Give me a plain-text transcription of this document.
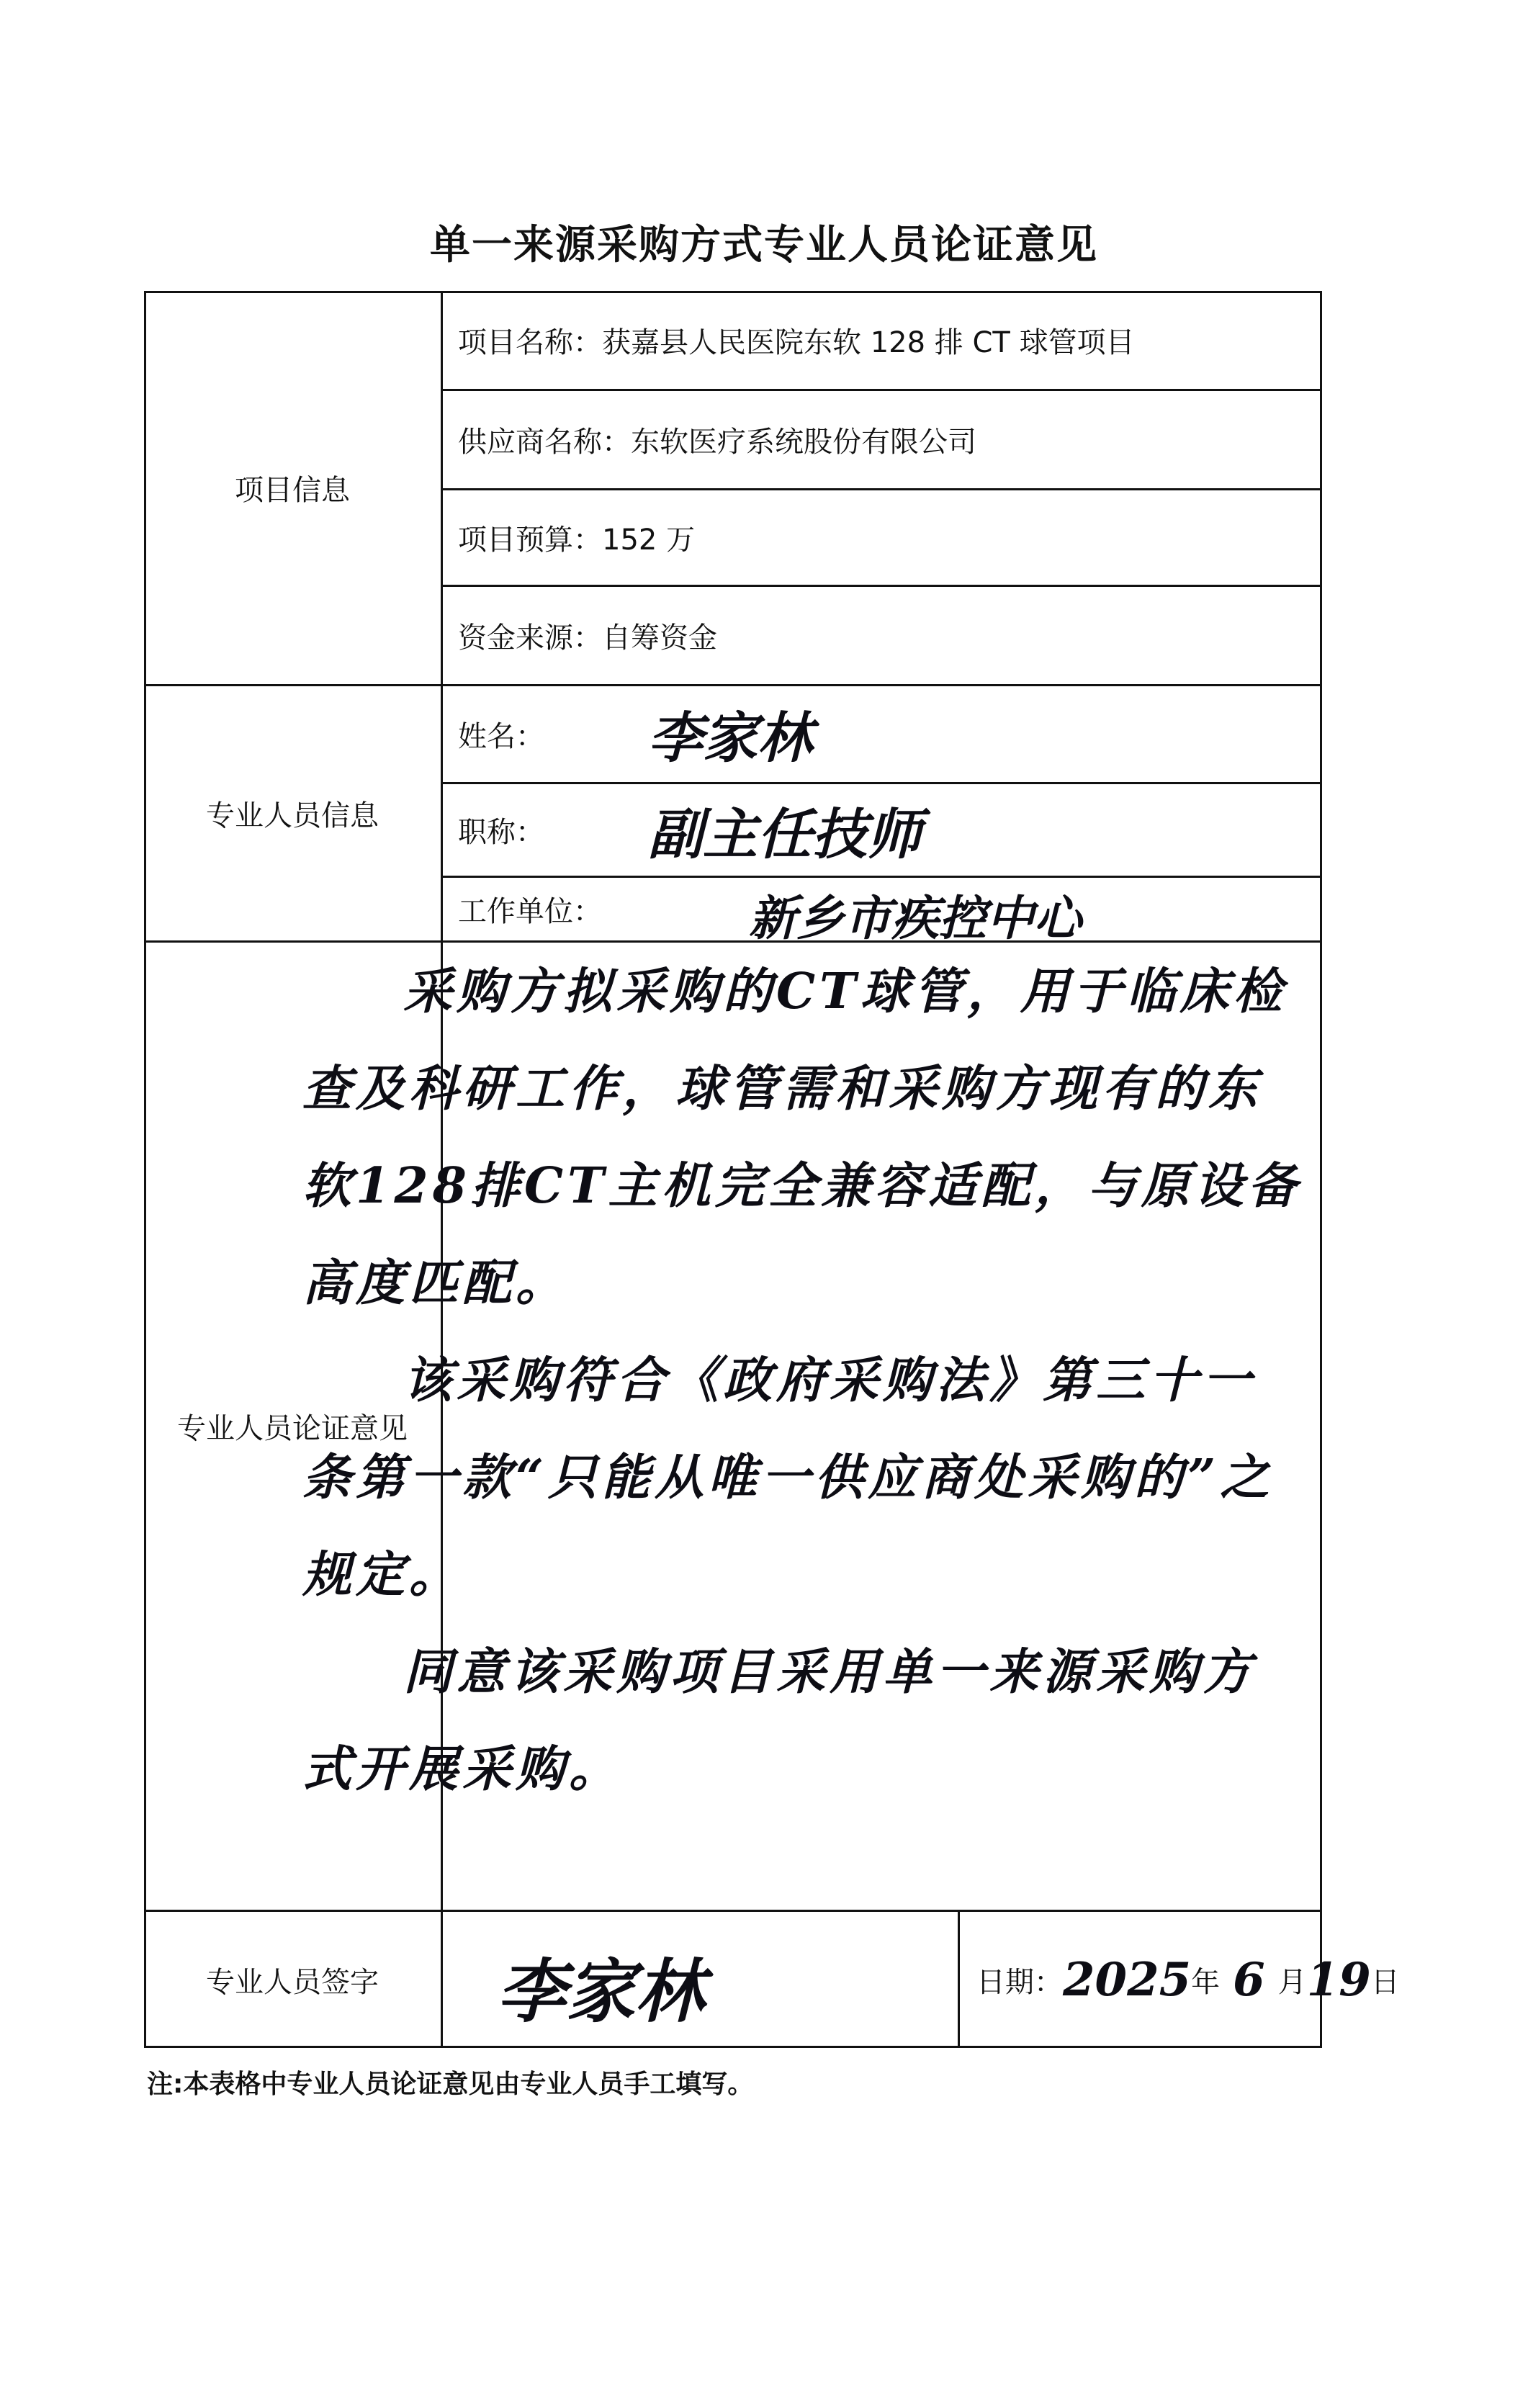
单一来源采购方式专业人员论证意见
项目信息
项目名称： 获嘉县人民医院东软 128 排 CT 球管项目
供应商名称： 东软医疗系统股份有限公司
项目预算： 152 万
资金来源： 自筹资金
专业人员信息
姓名： 李家林
职称： 副主任技师
工作单位：	新乡市疾控中心
专业人员论证意见

采购方拟采购的CT球管，用于临床检查及科研工作，球管需和采购方现有的东软128排CT主机完全兼容适配，与原设备高度匹配。

该采购符合《政府采购法》第三十一条第一款“只能从唯一供应商处采购的”之规定。

同意该采购项目采用单一来源采购方式开展采购。

专业人员签字	李家林	日期： 2025 年 6 月 19 日
注:本表格中专业人员论证意见由专业人员手工填写。
